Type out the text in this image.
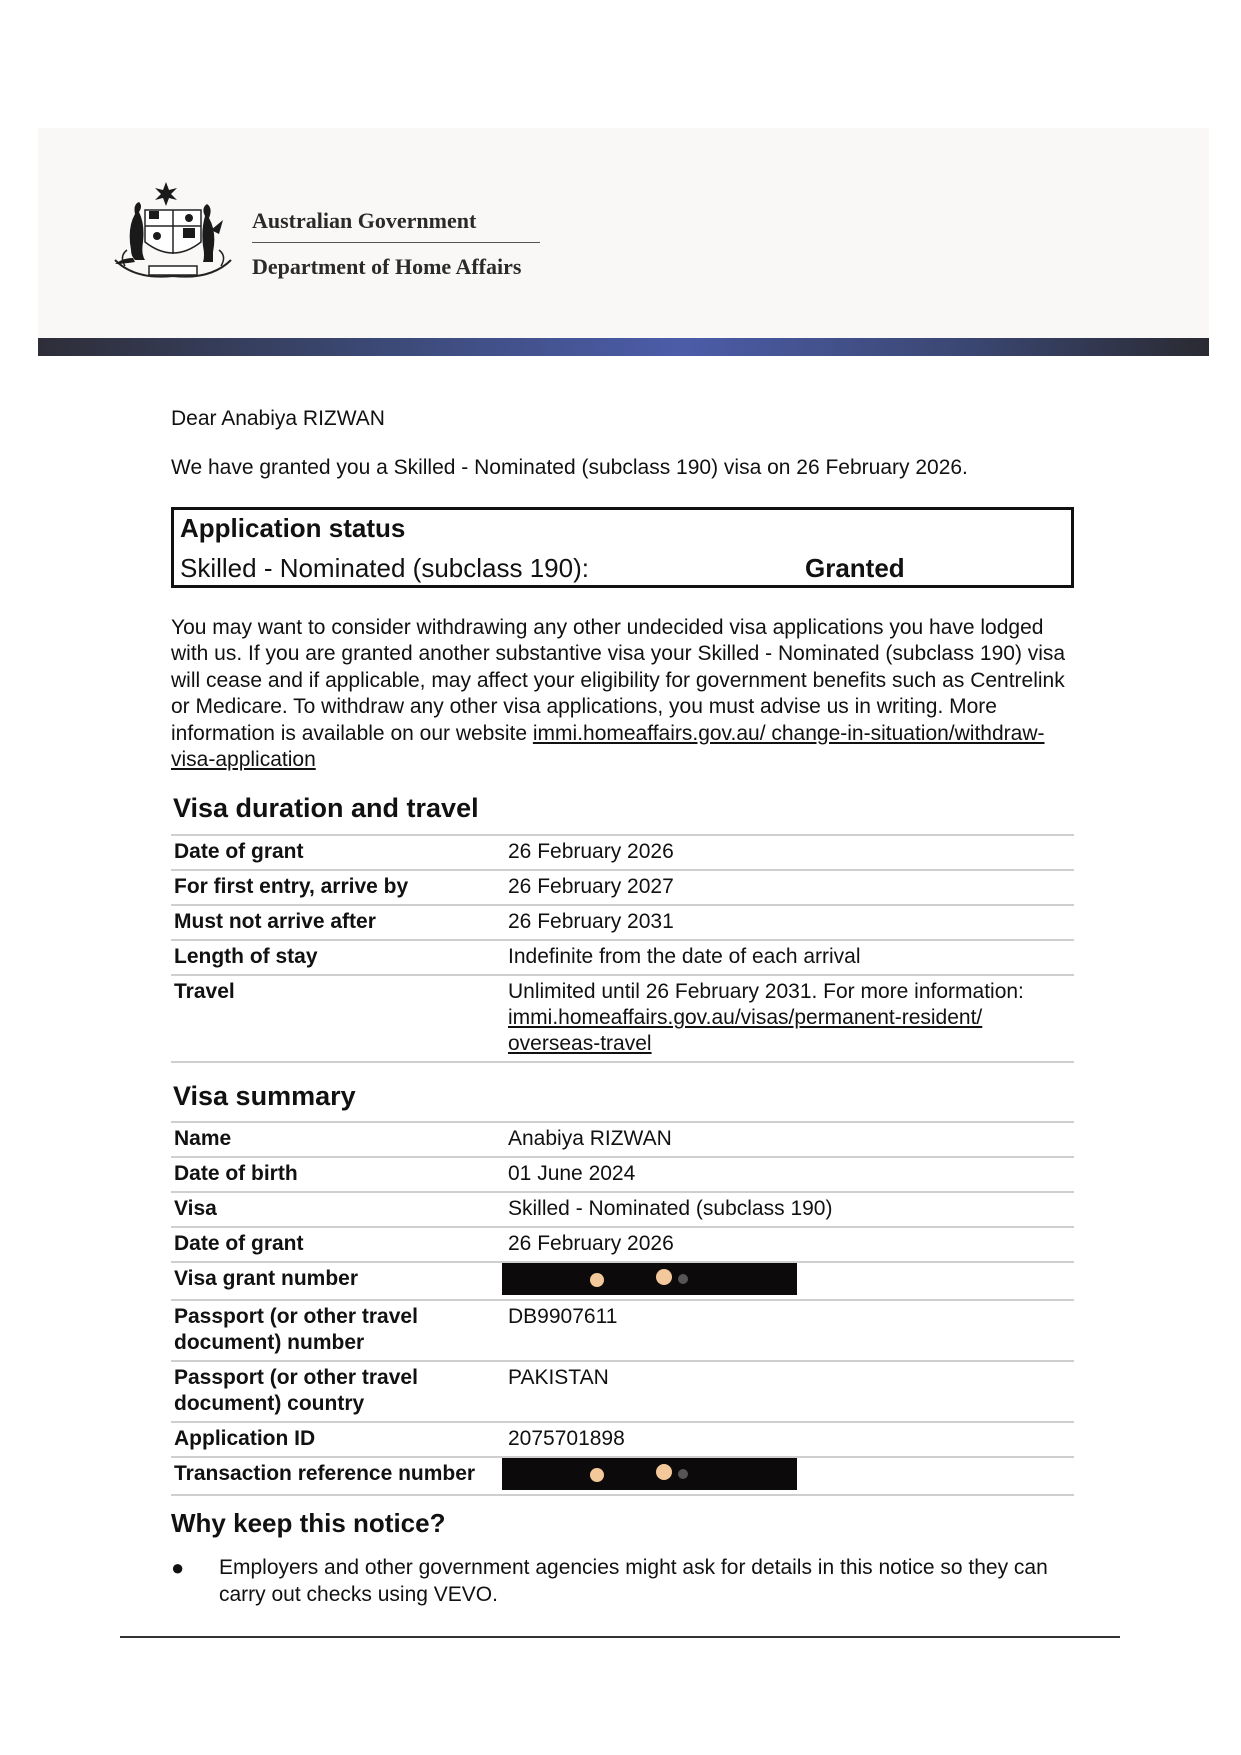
Australian Government
Department of Home Affairs

Dear Anabiya RIZWAN

We have granted you a Skilled - Nominated (subclass 190) visa on 26 February 2026.

Application status
Skilled - Nominated (subclass 190):	Granted
You may want to consider withdrawing any other undecided visa applications you have lodged with us. If you are granted another substantive visa your Skilled - Nominated (subclass 190) visa will cease and if applicable, may affect your eligibility for government benefits such as Centrelink or Medicare. To withdraw any other visa applications, you must advise us in writing. More information is available on our website immi.homeaffairs.gov.au/ change-in-situation/withdraw-visa-application
Visa duration and travel
Date of grant	26 February 2026
For first entry, arrive by	26 February 2027
Must not arrive after	26 February 2031
Length of stay	Indefinite from the date of each arrival
Travel	Unlimited until 26 February 2031. For more information:
immi.homeaffairs.gov.au/visas/permanent-resident/ overseas-travel
Visa summary
Name	Anabiya RIZWAN
Date of birth	01 June 2024
Visa	Skilled - Nominated (subclass 190)
Date of grant	26 February 2026
Visa grant number	

Passport (or other travel document) number	DB9907611
Passport (or other travel document) country	PAKISTAN
Application ID	2075701898
Transaction reference number	
Why keep this notice?
● Employers and other government agencies might ask for details in this notice so they can carry out checks using VEVO.
